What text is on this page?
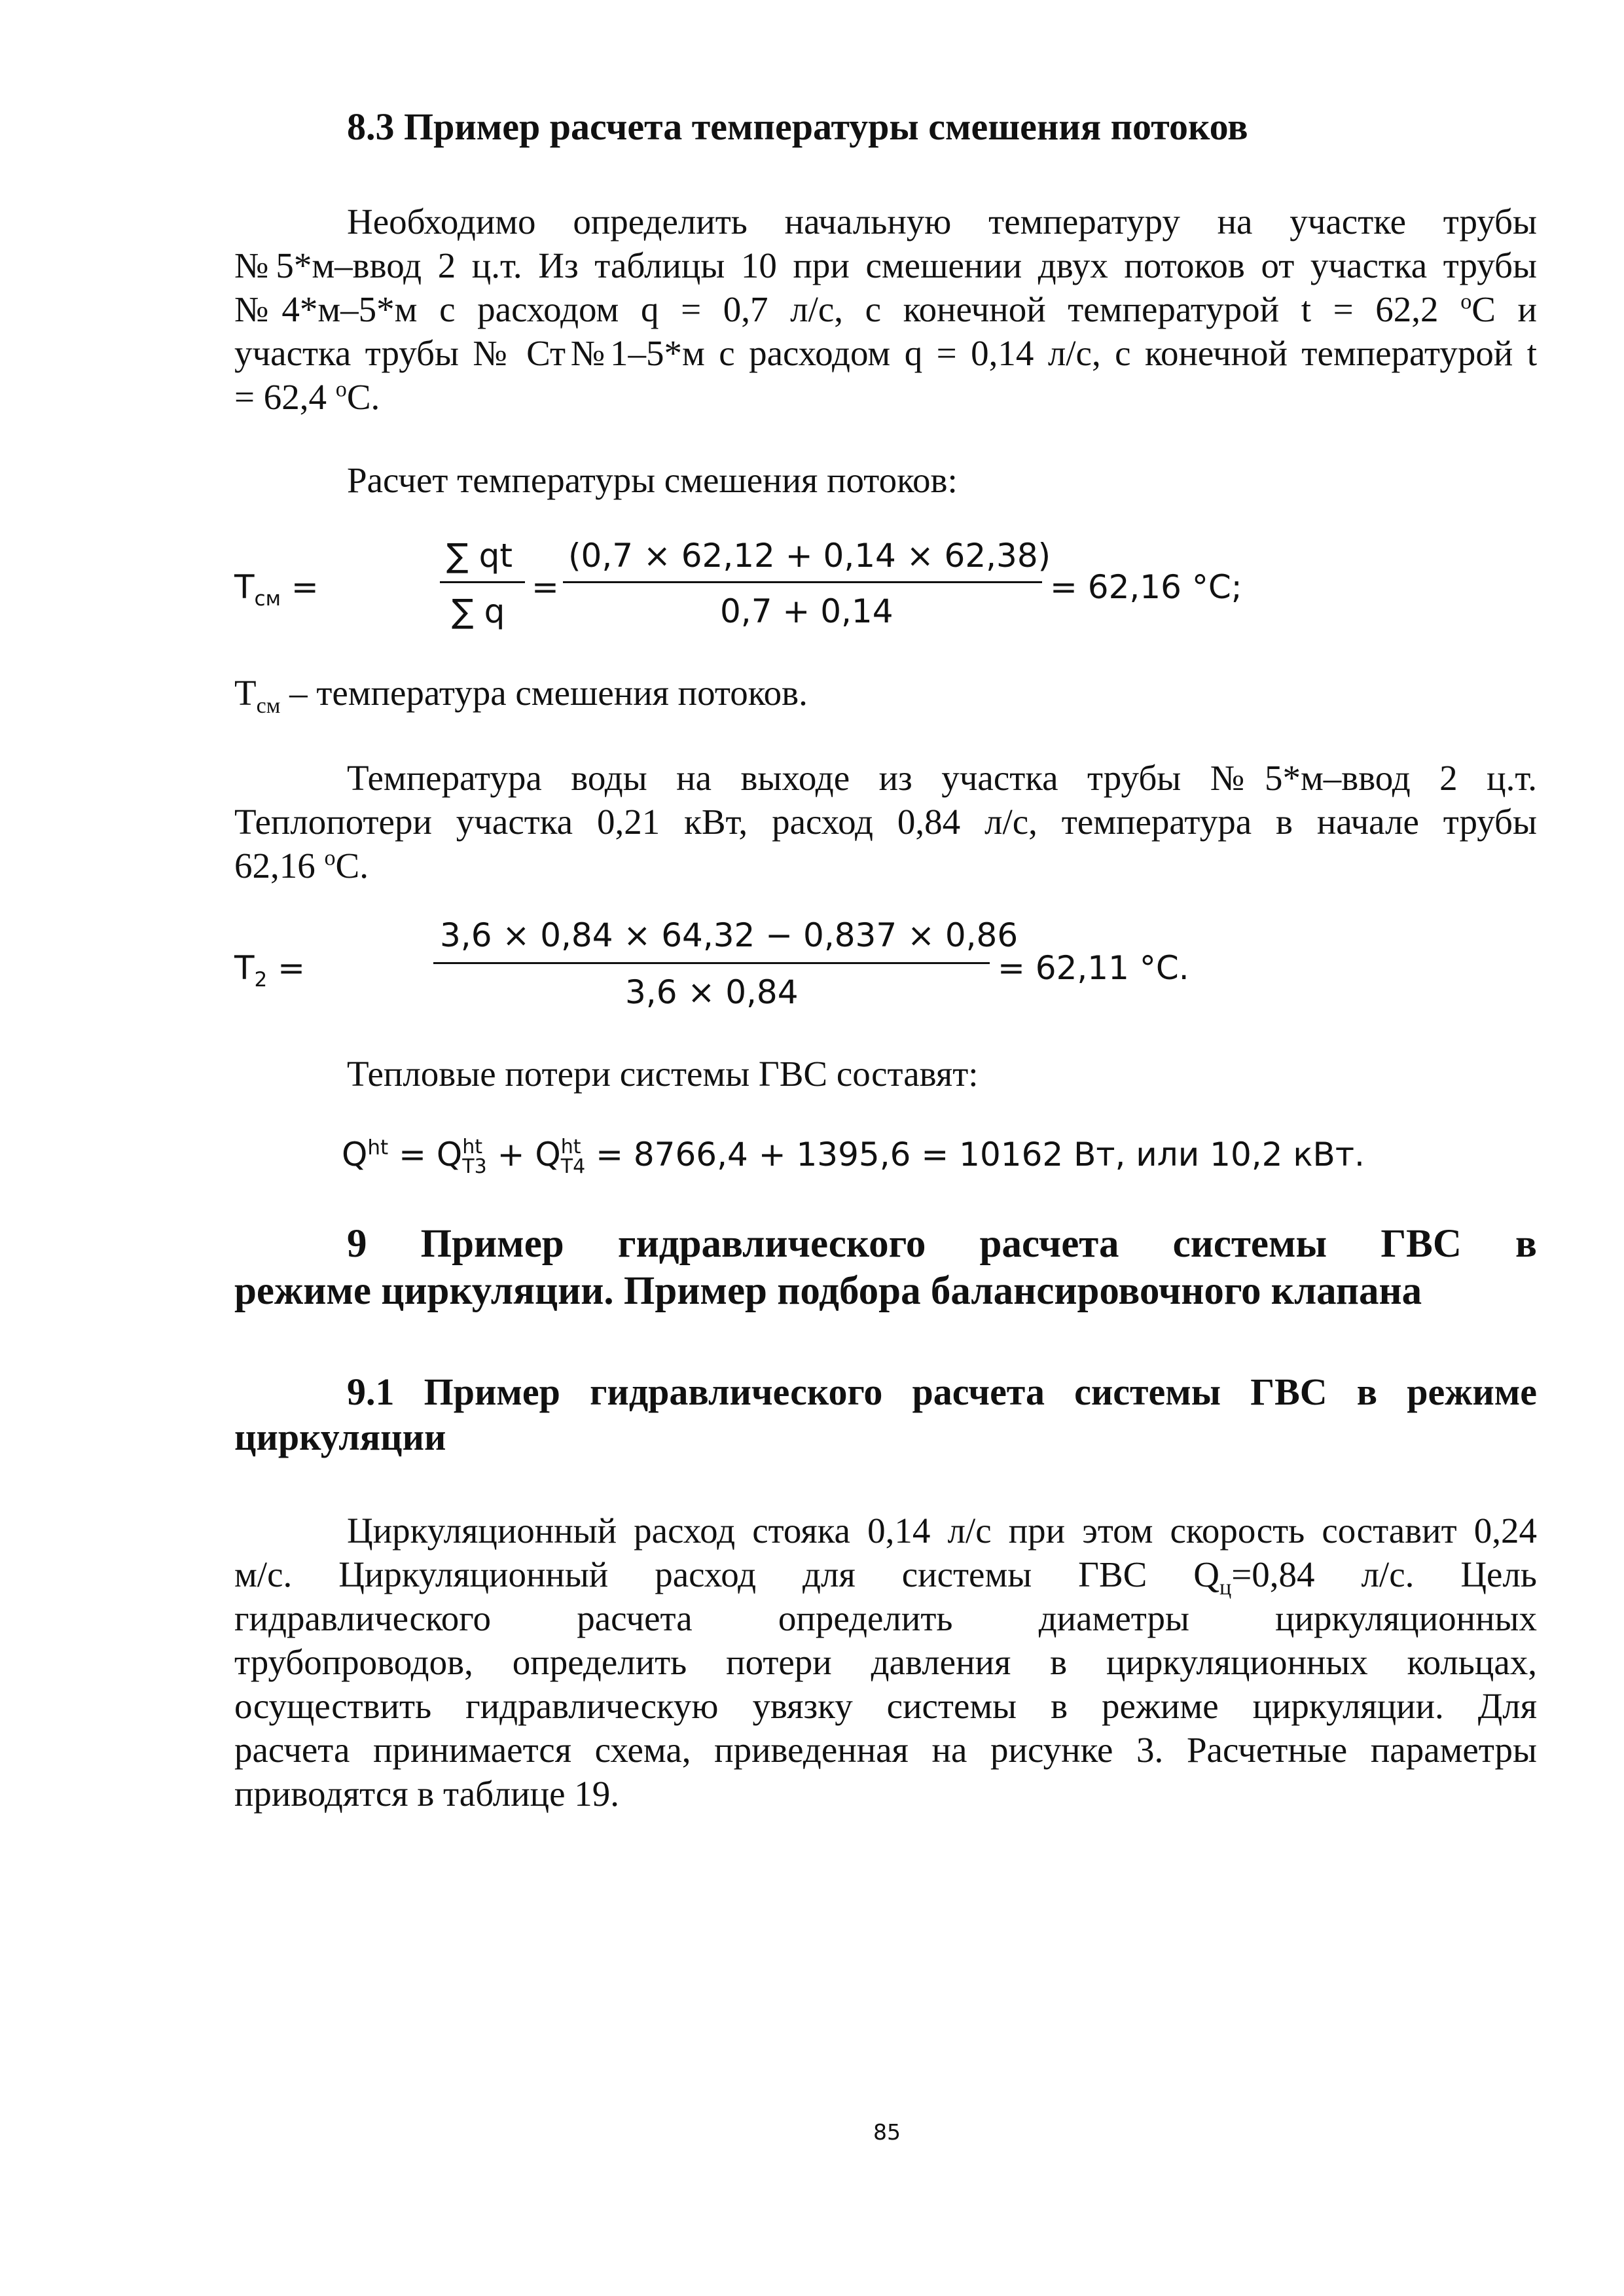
8.3 Пример расчета температуры смешения потоков
Необходимо определить начальную температуру на участке трубы
№5*м–ввод 2 ц.т. Из таблицы 10 при смешении двух потоков от участка трубы
№4*м–5*м с расходом q = 0,7 л/с, с конечной температурой t = 62,2 $^о$С и
участка трубы № Ст№1–5*м с расходом q = 0,14 л/с, с конечной температурой t
= 62,4 $^о$С.
Расчет температуры смешения потоков:
$Т_{см}$ =
∑ qt
∑ q
=
(0,7 × 62,12 + 0,14 × 62,38)
0,7 + 0,14
= 62,16 °C;
$Т_{см}$ – температура смешения потоков.
Температура воды на выходе из участка трубы №5*м–ввод 2 ц.т.
Теплопотери участка 0,21 кВт, расход 0,84 л/с, температура в начале трубы
62,16 $^о$С.
$Т_2$ =
3,6 × 0,84 × 64,32 − 0,837 × 0,86
3,6 × 0,84
= 62,11 °C.
Тепловые потери системы ГВС составят:
$Q^{ht} = Q$ ht
Т3 + Q ht
Т4 = 8766,4 + 1395,6 = 10162 Вт, или 10,2 кВт.
9 Пример гидравлического расчета системы ГВС в
режиме циркуляции. Пример подбора балансировочного клапана
9.1 Пример гидравлического расчета системы ГВС в режиме
циркуляции
Циркуляционный расход стояка 0,14 л/с при этом скорость составит 0,24
м/с. Циркуляционный расход для системы ГВС $Q_ц=0,84$ л/с. Цель
гидравлического расчета определить диаметры циркуляционных
трубопроводов, определить потери давления в циркуляционных кольцах,
осуществить гидравлическую увязку системы в режиме циркуляции. Для
расчета принимается схема, приведенная на рисунке 3. Расчетные параметры
приводятся в таблице 19.
85
